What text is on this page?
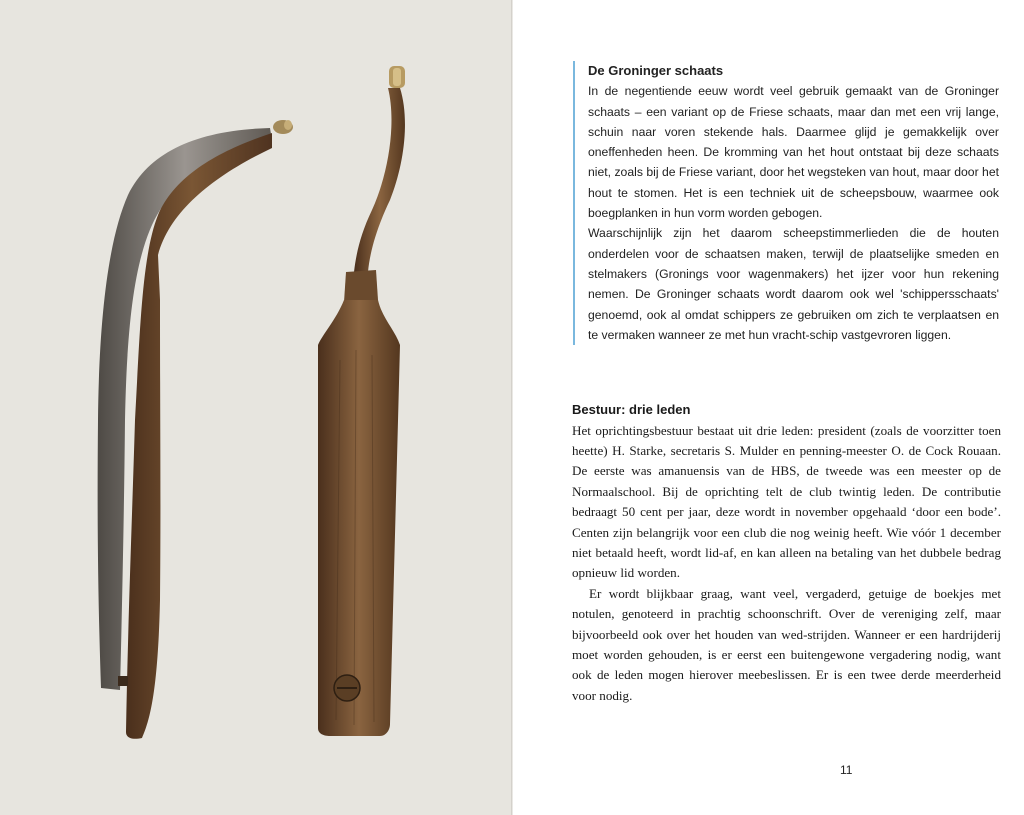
De Groninger schaats

In de negentiende eeuw wordt veel gebruik gemaakt van de Groninger schaats – een variant op de Friese schaats, maar dan met een vrij lange, schuin naar voren stekende hals. Daarmee glijd je gemakkelijk over oneffenheden heen. De kromming van het hout ontstaat bij deze schaats niet, zoals bij de Friese variant, door het wegsteken van hout, maar door het hout te stomen. Het is een techniek uit de scheepsbouw, waarmee ook boegplanken in hun vorm worden gebogen.

Waarschijnlijk zijn het daarom scheepstimmerlieden die de houten onderdelen voor de schaatsen maken, terwijl de plaatselijke smeden en stelmakers (Gronings voor wagenmakers) het ijzer voor hun rekening nemen. De Groninger schaats wordt daarom ook wel 'schippersschaats' genoemd, ook al omdat schippers ze gebruiken om zich te verplaatsen en te vermaken wanneer ze met hun vracht-schip vastgevroren liggen.

Bestuur: drie leden

Het oprichtingsbestuur bestaat uit drie leden: president (zoals de voorzitter toen heette) H. Starke, secretaris S. Mulder en penning-meester O. de Cock Rouaan. De eerste was amanuensis van de HBS, de tweede was een meester op de Normaalschool. Bij de oprichting telt de club twintig leden. De contributie bedraagt 50 cent per jaar, deze wordt in november opgehaald ‘door een bode’. Centen zijn belangrijk voor een club die nog weinig heeft. Wie vóór 1 december niet betaald heeft, wordt lid-af, en kan alleen na betaling van het dubbele bedrag opnieuw lid worden.

Er wordt blijkbaar graag, want veel, vergaderd, getuige de boekjes met notulen, genoteerd in prachtig schoonschrift. Over de vereniging zelf, maar bijvoorbeeld ook over het houden van wed-strijden. Wanneer er een hardrijderij moet worden gehouden, is er eerst een buitengewone vergadering nodig, want ook de leden mogen hierover meebeslissen. Er is een twee derde meerderheid voor nodig.

11
